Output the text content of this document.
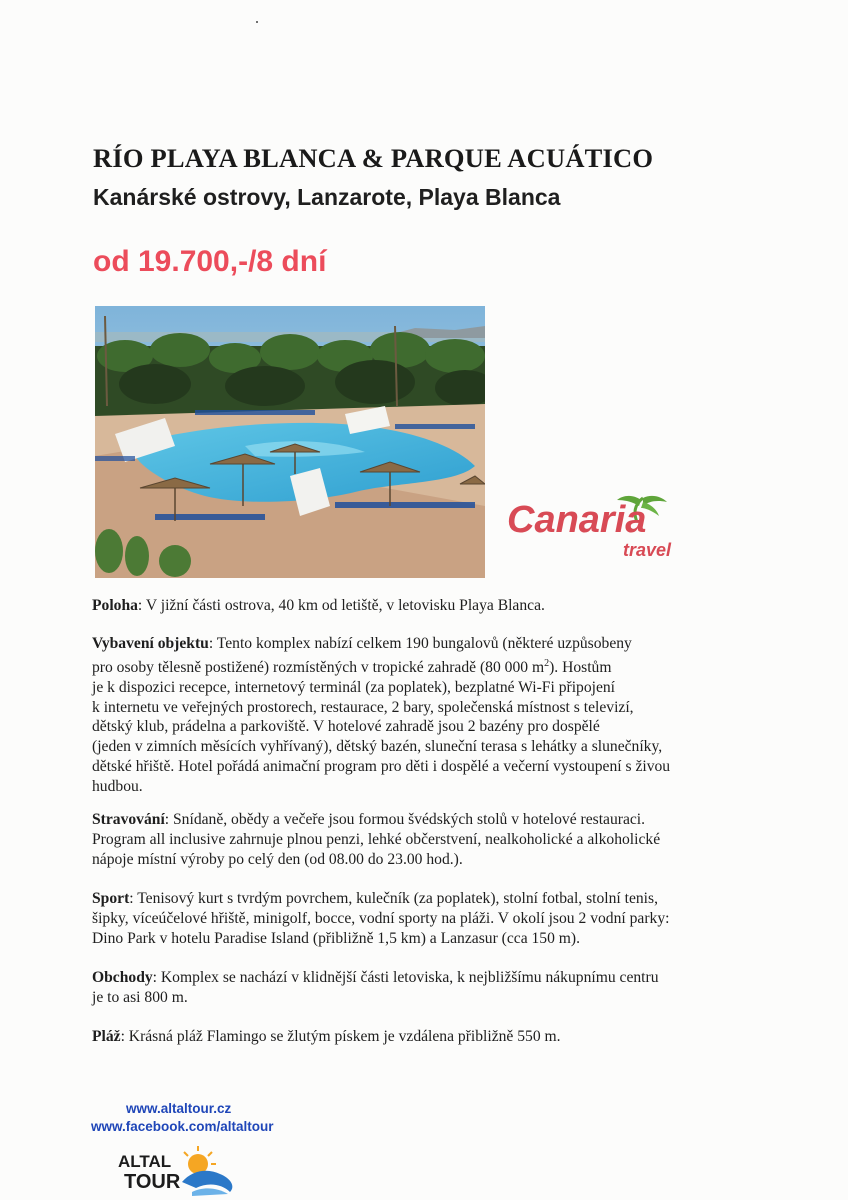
RÍO PLAYA BLANCA & PARQUE ACUÁTICO
Kanárské ostrovy, Lanzarote, Playa Blanca
od 19.700,-/8 dní
Canaria
travel

Poloha: V jižní části ostrova, 40 km od letiště, v letovisku Playa Blanca.

Vybavení objektu: Tento komplex nabízí celkem 190 bungalovů (některé uzpůsobeny
pro osoby tělesně postižené) rozmístěných v tropické zahradě (80 000 $m^2$). Hostům
je k dispozici recepce, internetový terminál (za poplatek), bezplatné Wi-Fi připojení
k internetu ve veřejných prostorech, restaurace, 2 bary, společenská místnost s televizí,
dětský klub, prádelna a parkoviště. V hotelové zahradě jsou 2 bazény pro dospělé
(jeden v zimních měsících vyhřívaný), dětský bazén, sluneční terasa s lehátky a slunečníky,
dětské hřiště. Hotel pořádá animační program pro děti i dospělé a večerní vystoupení s živou
hudbou.

Stravování: Snídaně, obědy a večeře jsou formou švédských stolů v hotelové restauraci.
Program all inclusive zahrnuje plnou penzi, lehké občerstvení, nealkoholické a alkoholické
nápoje místní výroby po celý den (od 08.00 do 23.00 hod.).

Sport: Tenisový kurt s tvrdým povrchem, kulečník (za poplatek), stolní fotbal, stolní tenis,
šipky, víceúčelové hřiště, minigolf, bocce, vodní sporty na pláži. V okolí jsou 2 vodní parky:
Dino Park v hotelu Paradise Island (přibližně 1,5 km) a Lanzasur (cca 150 m).

Obchody: Komplex se nachází v klidnější části letoviska, k nejbližšímu nákupnímu centru
je to asi 800 m.

Pláž: Krásná pláž Flamingo se žlutým pískem je vzdálena přibližně 550 m.

www.altaltour.cz
www.facebook.com/altaltour
ALTAL
TOUR
